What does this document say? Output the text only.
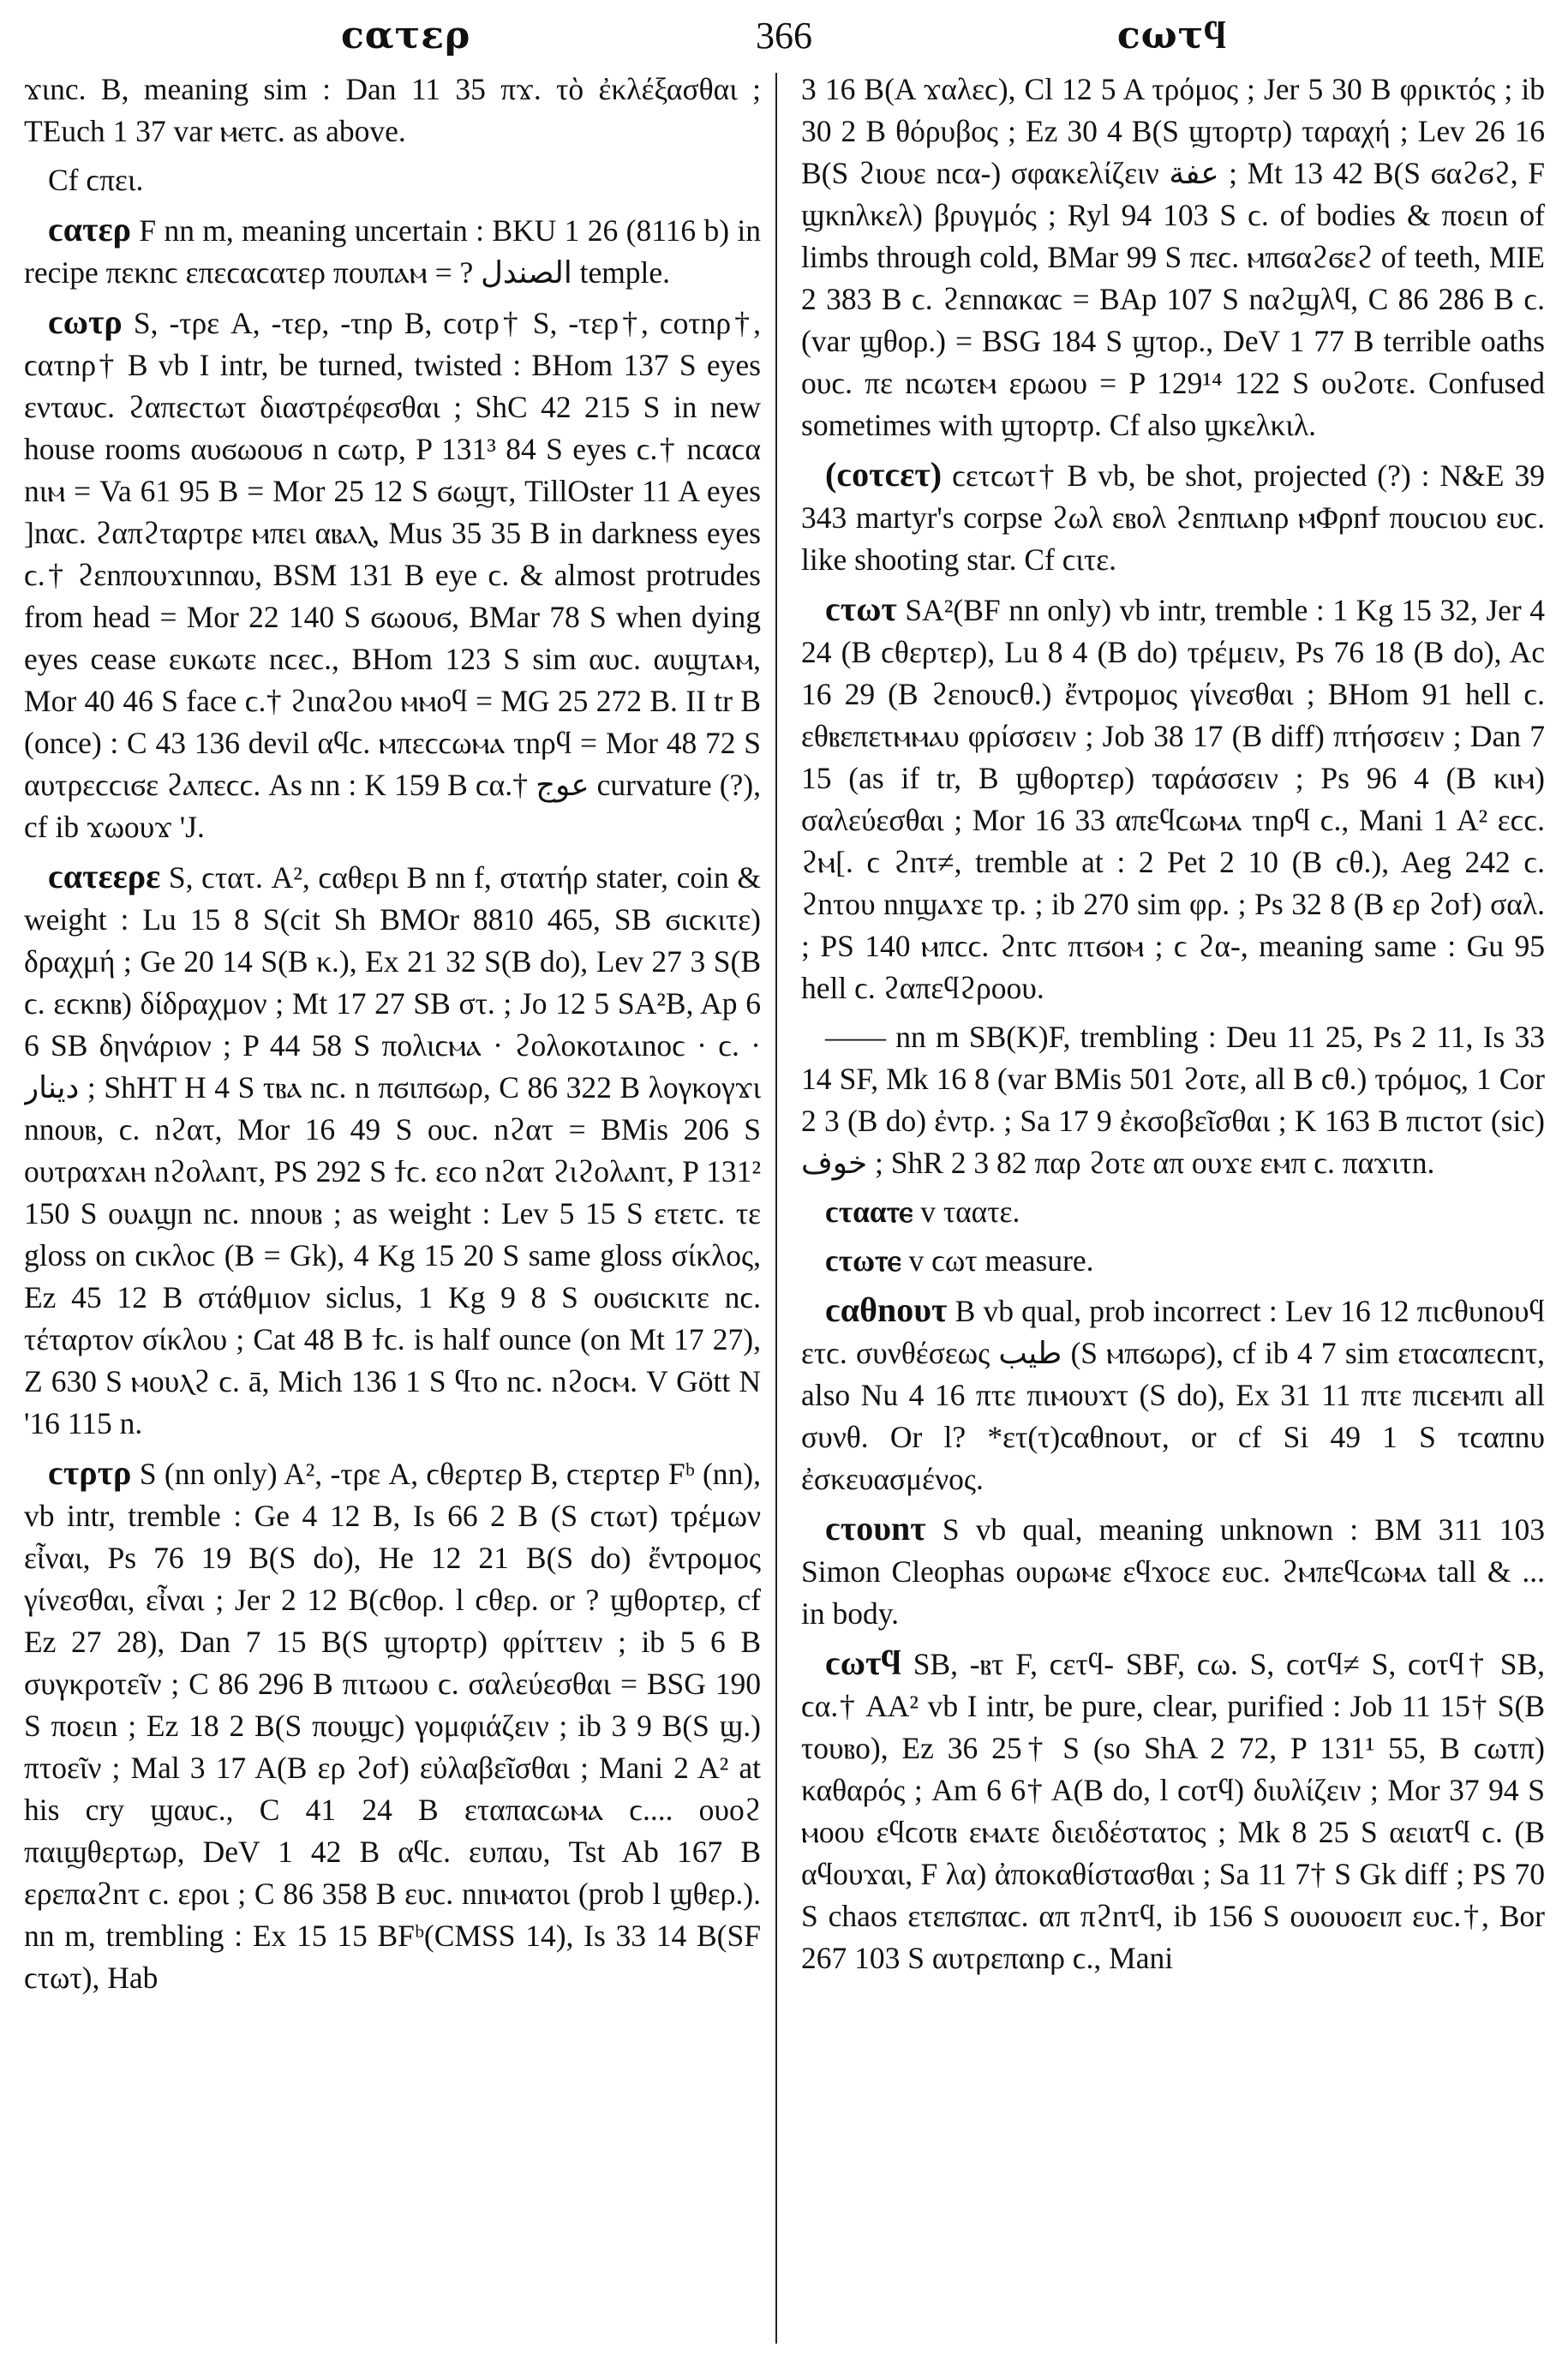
ϲατερ	366	ϲωτϥ

ϫιnc. B, meaning sim : Dan 11 35 πϫ. τὸ ἐκλέξασθαι ; TEuch 1 37 var ⲙⲉⲧϲ. as above.

Cf ϲπει.

ϲατερ F nn m, meaning uncertain : BKU 1 26 (8116 b) in recipe πεκnϲ επεϲαϲατερ πουπⲁⲙ = ? الصندل temple.

ϲωτρ S, -τρε A, -τερ, -τnρ B, ϲοτρ† S, -τερ†, ϲοτnρ†, ϲατnρ† B vb I intr, be turned, twisted : BHom 137 S eyes ενταυϲ. ϩαπεϲτωτ διαστρέφεσθαι ; ShC 42 215 S in new house rooms αυϭωουϭ n ϲωτρ, P 131³ 84 S eyes ϲ.† nϲαϲα nιⲙ = Va 61 95 B = Mor 25 12 S ϭωϣτ, TillOster 11 A eyes ]nαϲ. ϩαπϩταρτρε ⲙπει αⲃⲁⲗ, Mus 35 35 B in darkness eyes ϲ.† ϩεnπουϫιnnαυ, BSM 131 B eye ϲ. & almost protrudes from head = Mor 22 140 S ϭωουϭ, BMar 78 S when dying eyes cease ευκωτε nϲεϲ., BHom 123 S sim αυϲ. αυϣτⲁⲙ, Mor 40 46 S face ϲ.† ϩιnαϩου ⲙⲙοϥ = MG 25 272 B. II tr B (once) : C 43 136 devil αϥϲ. ⲙπεϲϲωⲙⲁ τnρϥ = Mor 48 72 S αυτρεϲϲιϭε ϩⲁπεϲϲ. As nn : K 159 B ϲα.† عوج curvature (?), cf ib ϫωουϫ 'J.

ϲατεερε S, ϲτατ. A², ϲαθερι B nn f, στατήρ stater, coin & weight : Lu 15 8 S(cit Sh BMOr 8810 465, SB ϭιϲκιτε) δραχμή ; Ge 20 14 S(B κ.), Ex 21 32 S(B do), Lev 27 3 S(B ϲ. εϲκnⲃ) δίδραχμον ; Mt 17 27 SB στ. ; Jo 12 5 SA²B, Ap 6 6 SB δηνάριον ; P 44 58 S πολιϲⲙⲁ · ϩολοκοτⲁιnοϲ · ϲ. · دينار ; ShHT H 4 S τⲃⲁ nϲ. n πϭιπϭωρ, C 86 322 B λογκογϫι nnουⲃ, ϲ. nϩατ, Mor 16 49 S ουϲ. nϩατ = BMis 206 S ουτραϫⲁⲏ nϩολⲁnτ, PS 292 S ϯϲ. εϲο nϩατ ϩιϩολⲁnτ, P 131² 150 S ουⲁϣn nϲ. nnουⲃ ; as weight : Lev 5 15 S ετετϲ. τε gloss on ϲικλοϲ (B = Gk), 4 Kg 15 20 S same gloss σίκλος, Ez 45 12 B στάθμιον siclus, 1 Kg 9 8 S ουϭιϲκιτε nϲ. τέταρτον σίκλου ; Cat 48 B ϯϲ. is half ounce (on Mt 17 27), Z 630 S ⲙουⲗϩ ϲ. ā, Mich 136 1 S ϥτο nϲ. nϩοϲⲙ. V Gött N '16 115 n.

ϲτρτρ S (nn only) A², -τρε A, ϲθερτερ B, ϲτερτερ Fᵇ (nn), vb intr, tremble : Ge 4 12 B, Is 66 2 B (S ϲτωτ) τρέμων εἶναι, Ps 76 19 B(S do), He 12 21 B(S do) ἔντρομος γίνεσθαι, εἶναι ; Jer 2 12 B(ϲθορ. l ϲθερ. or ? ϣθορτερ, cf Ez 27 28), Dan 7 15 B(S ϣτορτρ) φρίττειν ; ib 5 6 B συγκροτεῖν ; C 86 296 B πιτωου ϲ. σαλεύεσθαι = BSG 190 S πoειn ; Ez 18 2 B(S πουϣϲ) γομφιάζειν ; ib 3 9 B(S ϣ.) πτοεῖν ; Mal 3 17 A(B ερ ϩοϯ) εὐλαβεῖσθαι ; Mani 2 A² at his cry ϣαυϲ., C 41 24 B εταπαϲωⲙⲁ ϲ.... ουοϩ παιϣθερτωρ, DeV 1 42 B αϥϲ. ευπαυ, Tst Ab 167 B ερεπαϩnτ ϲ. εροι ; C 86 358 B ευϲ. nnιⲙατοι (prob l ϣθερ.). nn m, trembling : Ex 15 15 BFᵇ(CMSS 14), Is 33 14 B(SF ϲτωτ), Hab

3 16 B(A ϫαλεϲ), Cl 12 5 A τρόμος ; Jer 5 30 B φρικτός ; ib 30 2 B θόρυβος ; Ez 30 4 B(S ϣτορτρ) ταραχή ; Lev 26 16 B(S ϩιουε nϲα-) σφακελίζειν عفة ; Mt 13 42 B(S ϭαϩϭϩ, F ϣκnλκελ) βρυγμός ; Ryl 94 103 S ϲ. of bodies & πoειn of limbs through cold, BMar 99 S πεϲ. ⲙπϭαϩϭεϩ of teeth, MIE 2 383 B ϲ. ϩεnnακαϲ = BAp 107 S nαϩϣλϥ, C 86 286 B ϲ. (var ϣθορ.) = BSG 184 S ϣτορ., DeV 1 77 B terrible oaths ουϲ. πε nϲωτεⲙ ερωου = P 129¹⁴ 122 S ουϩοτε. Confused sometimes with ϣτορτρ. Cf also ϣκελκιλ.

(ϲοτϲετ) ϲετϲωτ† B vb, be shot, projected (?) : N&E 39 343 martyr's corpse ϩωλ εⲃολ ϩεnπιⲁnρ ⲙΦρnϯ πουϲιου ευϲ. like shooting star. Cf ϲιτε.

ϲτωτ SA²(BF nn only) vb intr, tremble : 1 Kg 15 32, Jer 4 24 (B ϲθερτερ), Lu 8 4 (B do) τρέμειν, Ps 76 18 (B do), Ac 16 29 (B ϩεnουϲθ.) ἔντρομος γίνεσθαι ; BHom 91 hell ϲ. εθⲃεπετⲙⲙⲁυ φρίσσειν ; Job 38 17 (B diff) πτήσσειν ; Dan 7 15 (as if tr, B ϣθορτερ) ταράσσειν ; Ps 96 4 (B κιⲙ) σαλεύεσθαι ; Mor 16 33 απεϥϲωⲙⲁ τnρϥ ϲ., Mani 1 A² εϲϲ. ϩⲙ[. ϲ ϩnτ≠, tremble at : 2 Pet 2 10 (B ϲθ.), Aeg 242 ϲ. ϩnτου nnϣⲁϫε τρ. ; ib 270 sim φρ. ; Ps 32 8 (B ερ ϩοϯ) σαλ. ; PS 140 ⲙπϲϲ. ϩnτϲ πτϭοⲙ ; ϲ ϩα-, meaning same : Gu 95 hell ϲ. ϩαπεϥϩροου.

—— nn m SB(K)F, trembling : Deu 11 25, Ps 2 11, Is 33 14 SF, Mk 16 8 (var BMis 501 ϩοτε, all B ϲθ.) τρόμος, 1 Cor 2 3 (B do) ἐντρ. ; Sa 17 9 ἐκσοβεῖσθαι ; K 163 B πιϲτοτ (sic) خوف ; ShR 2 3 82 παρ ϩοτε απ ουϫε εⲙπ ϲ. παϫιτn.

ϲτααⲧⲉ v ταατε.

ϲτωⲧⲉ v ϲωτ measure.

ϲαθnουτ B vb qual, prob incorrect : Lev 16 12 πιϲθυnουϥ ετϲ. συνθέσεως طيب (S ⲙπϭωρϭ), cf ib 4 7 sim εταϲαπεϲnτ, also Nu 4 16 πτε πιⲙουϫτ (S do), Ex 31 11 πτε πιϲεⲙπι all συνθ. Or l? *ετ(τ)ϲαθnουτ, or cf Si 49 1 S τϲαπnυ ἐσκευασμένος.

ϲτουnτ S vb qual, meaning unknown : BM 311 103 Simon Cleophas ουρωⲙε εϥϫοϲε ευϲ. ϩⲙπεϥϲωⲙⲁ tall & ... in body.

ϲωτϥ SB, -ⲃτ F, ϲετϥ- SBF, ϲω. S, ϲοτϥ≠ S, ϲοτϥ† SB, ϲα.† AA² vb I intr, be pure, clear, purified : Job 11 15† S(B τουⲃο), Ez 36 25† S (so ShA 2 72, P 131¹ 55, B ϲωτπ) καθαρός ; Am 6 6† A(B do, l ϲοτϥ) διυλίζειν ; Mor 37 94 S ⲙοου εϥϲοτⲃ εⲙⲁτε διειδέστατος ; Mk 8 25 S αειατϥ ϲ. (B αϥουϫαι, F λα) ἀποκαθίστασθαι ; Sa 11 7† S Gk diff ; PS 70 S chaos ετεπϭπαϲ. απ πϩnτϥ, ib 156 S ουουοειπ ευϲ.†, Bor 267 103 S αυτρεπαnρ ϲ., Mani
